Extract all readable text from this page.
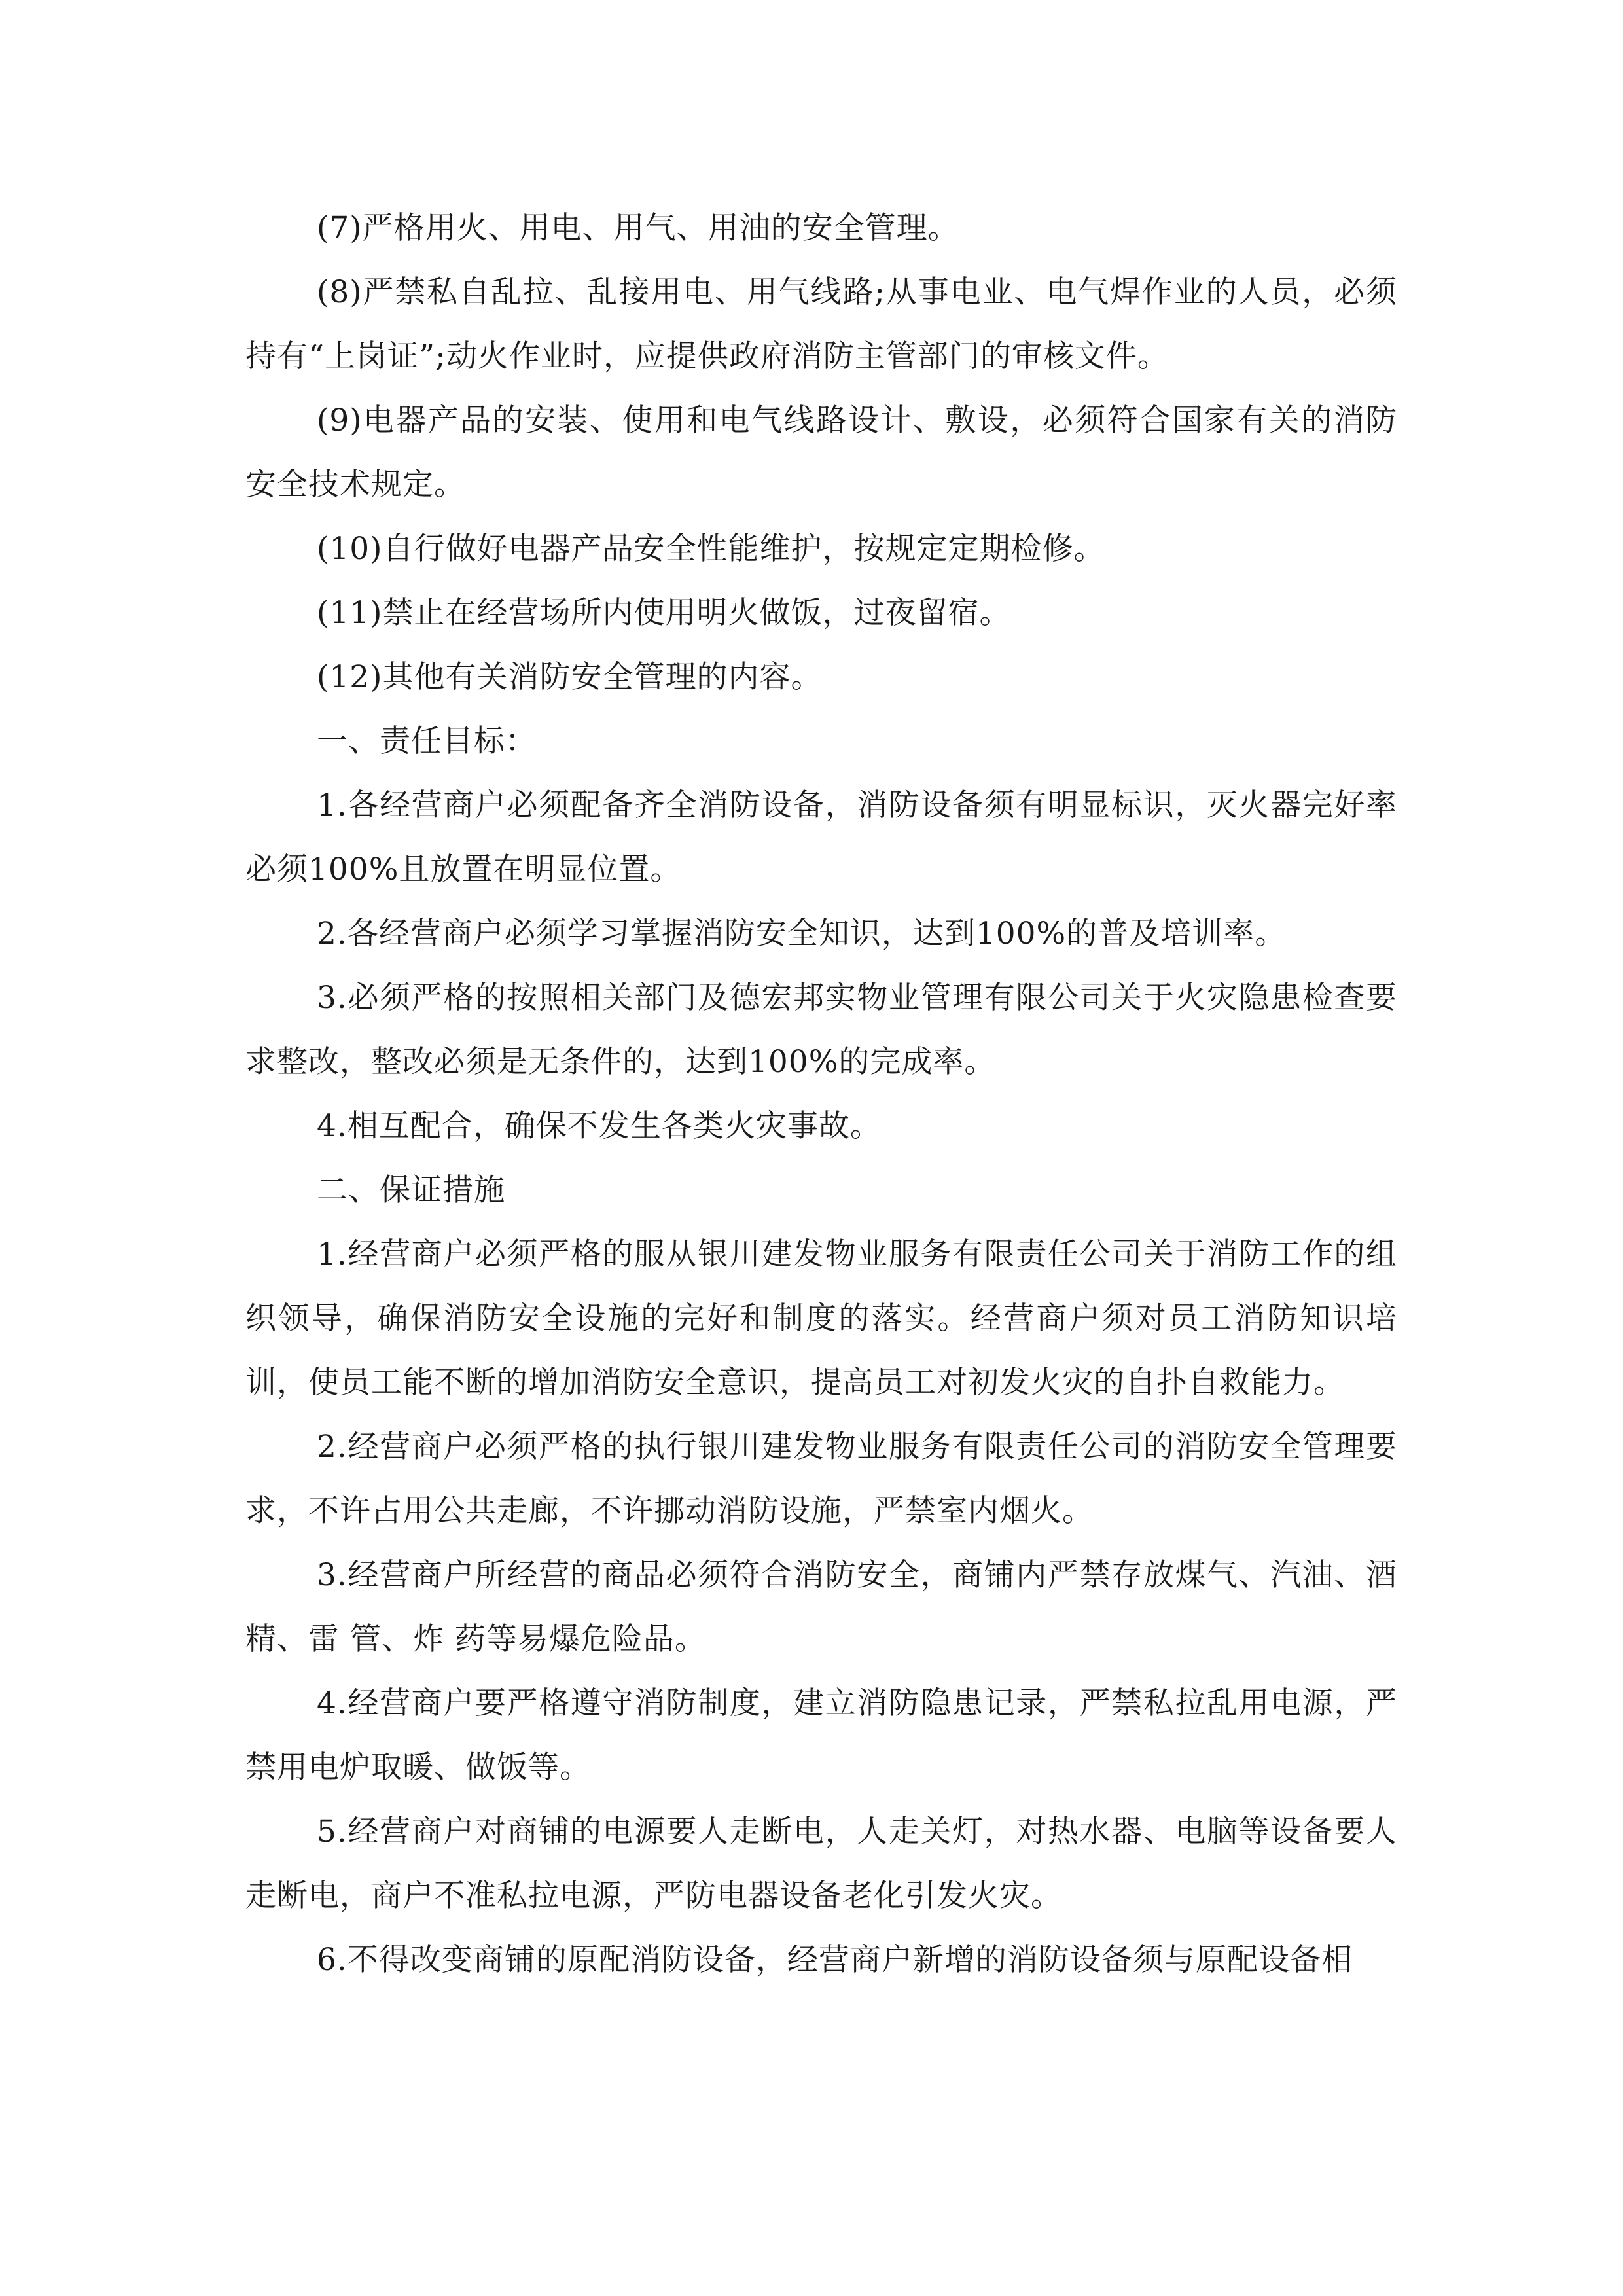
(7)严格用火、用电、用气、用油的安全管理。

(8)严禁私自乱拉、乱接用电、用气线路;从事电业、电气焊作业的人员，必须持有“上岗证”;动火作业时，应提供政府消防主管部门的审核文件。

(9)电器产品的安装、使用和电气线路设计、敷设，必须符合国家有关的消防安全技术规定。

(10)自行做好电器产品安全性能维护，按规定定期检修。

(11)禁止在经营场所内使用明火做饭，过夜留宿。

(12)其他有关消防安全管理的内容。

一、责任目标：

1.各经营商户必须配备齐全消防设备，消防设备须有明显标识，灭火器完好率必须100%且放置在明显位置。

2.各经营商户必须学习掌握消防安全知识，达到100%的普及培训率。

3.必须严格的按照相关部门及德宏邦实物业管理有限公司关于火灾隐患检查要求整改，整改必须是无条件的，达到100%的完成率。

4.相互配合，确保不发生各类火灾事故。

二、保证措施

1.经营商户必须严格的服从银川建发物业服务有限责任公司关于消防工作的组织领导，确保消防安全设施的完好和制度的落实。经营商户须对员工消防知识培训，使员工能不断的增加消防安全意识，提高员工对初发火灾的自扑自救能力。

2.经营商户必须严格的执行银川建发物业服务有限责任公司的消防安全管理要求，不许占用公共走廊，不许挪动消防设施，严禁室内烟火。

3.经营商户所经营的商品必须符合消防安全，商铺内严禁存放煤气、汽油、酒精、雷 管、炸 药等易爆危险品。

4.经营商户要严格遵守消防制度，建立消防隐患记录，严禁私拉乱用电源，严禁用电炉取暖、做饭等。

5.经营商户对商铺的电源要人走断电，人走关灯，对热水器、电脑等设备要人走断电，商户不准私拉电源，严防电器设备老化引发火灾。

6.不得改变商铺的原配消防设备，经营商户新增的消防设备须与原配设备相
